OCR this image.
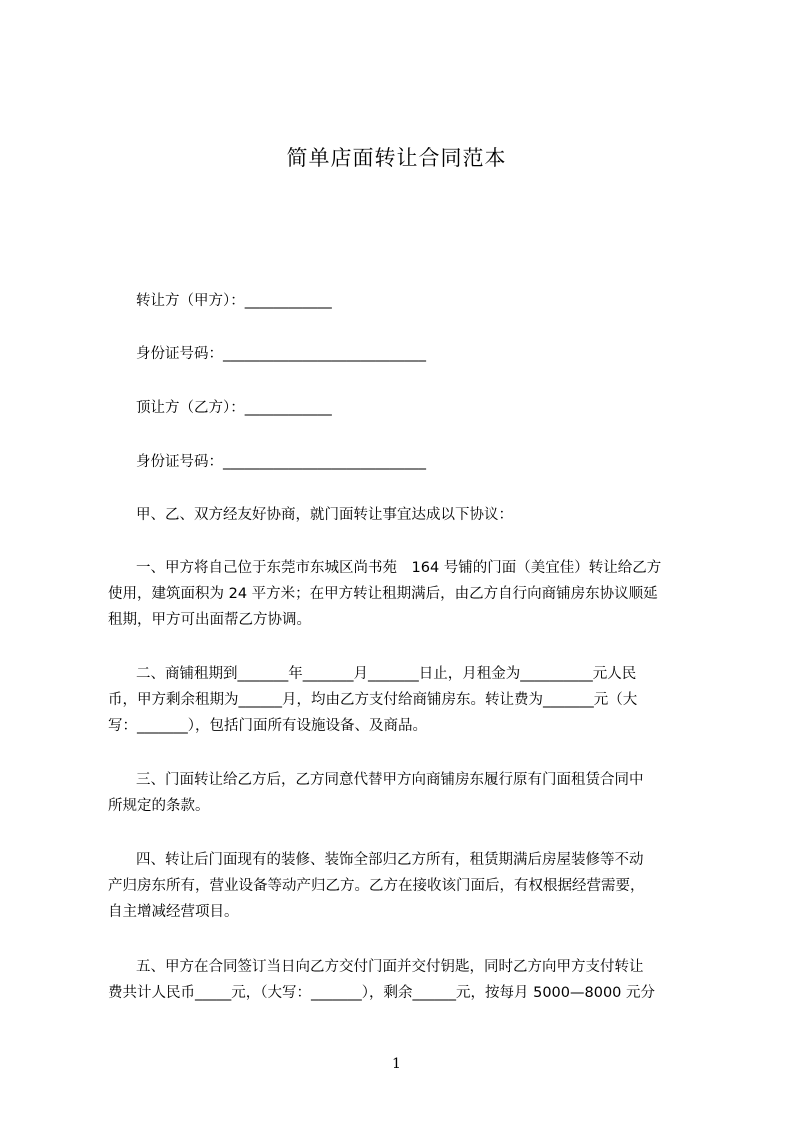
简单店面转让合同范本
转让方（甲方）：____________
身份证号码：____________________________
顶让方（乙方）：____________
身份证号码：____________________________
甲、乙、双方经友好协商，就门面转让事宜达成以下协议：
一、甲方将自己位于东莞市东城区尚书苑　164 号铺的门面（美宜佳）转让给乙方
使用，建筑面积为 24 平方米；在甲方转让租期满后，由乙方自行向商铺房东协议顺延
租期，甲方可出面帮乙方协调。
二、商铺租期到_______年_______月_______日止，月租金为__________元人民
币，甲方剩余租期为______月，均由乙方支付给商铺房东。转让费为_______元（大
写：_______），包括门面所有设施设备、及商品。
三、门面转让给乙方后，乙方同意代替甲方向商铺房东履行原有门面租赁合同中
所规定的条款。
四、转让后门面现有的装修、装饰全部归乙方所有，租赁期满后房屋装修等不动
产归房东所有，营业设备等动产归乙方。乙方在接收该门面后，有权根据经营需要，
自主增减经营项目。
五、甲方在合同签订当日向乙方交付门面并交付钥匙，同时乙方向甲方支付转让
费共计人民币_____元，（大写：_______），剩余______元，按每月 5000—8000 元分
1
